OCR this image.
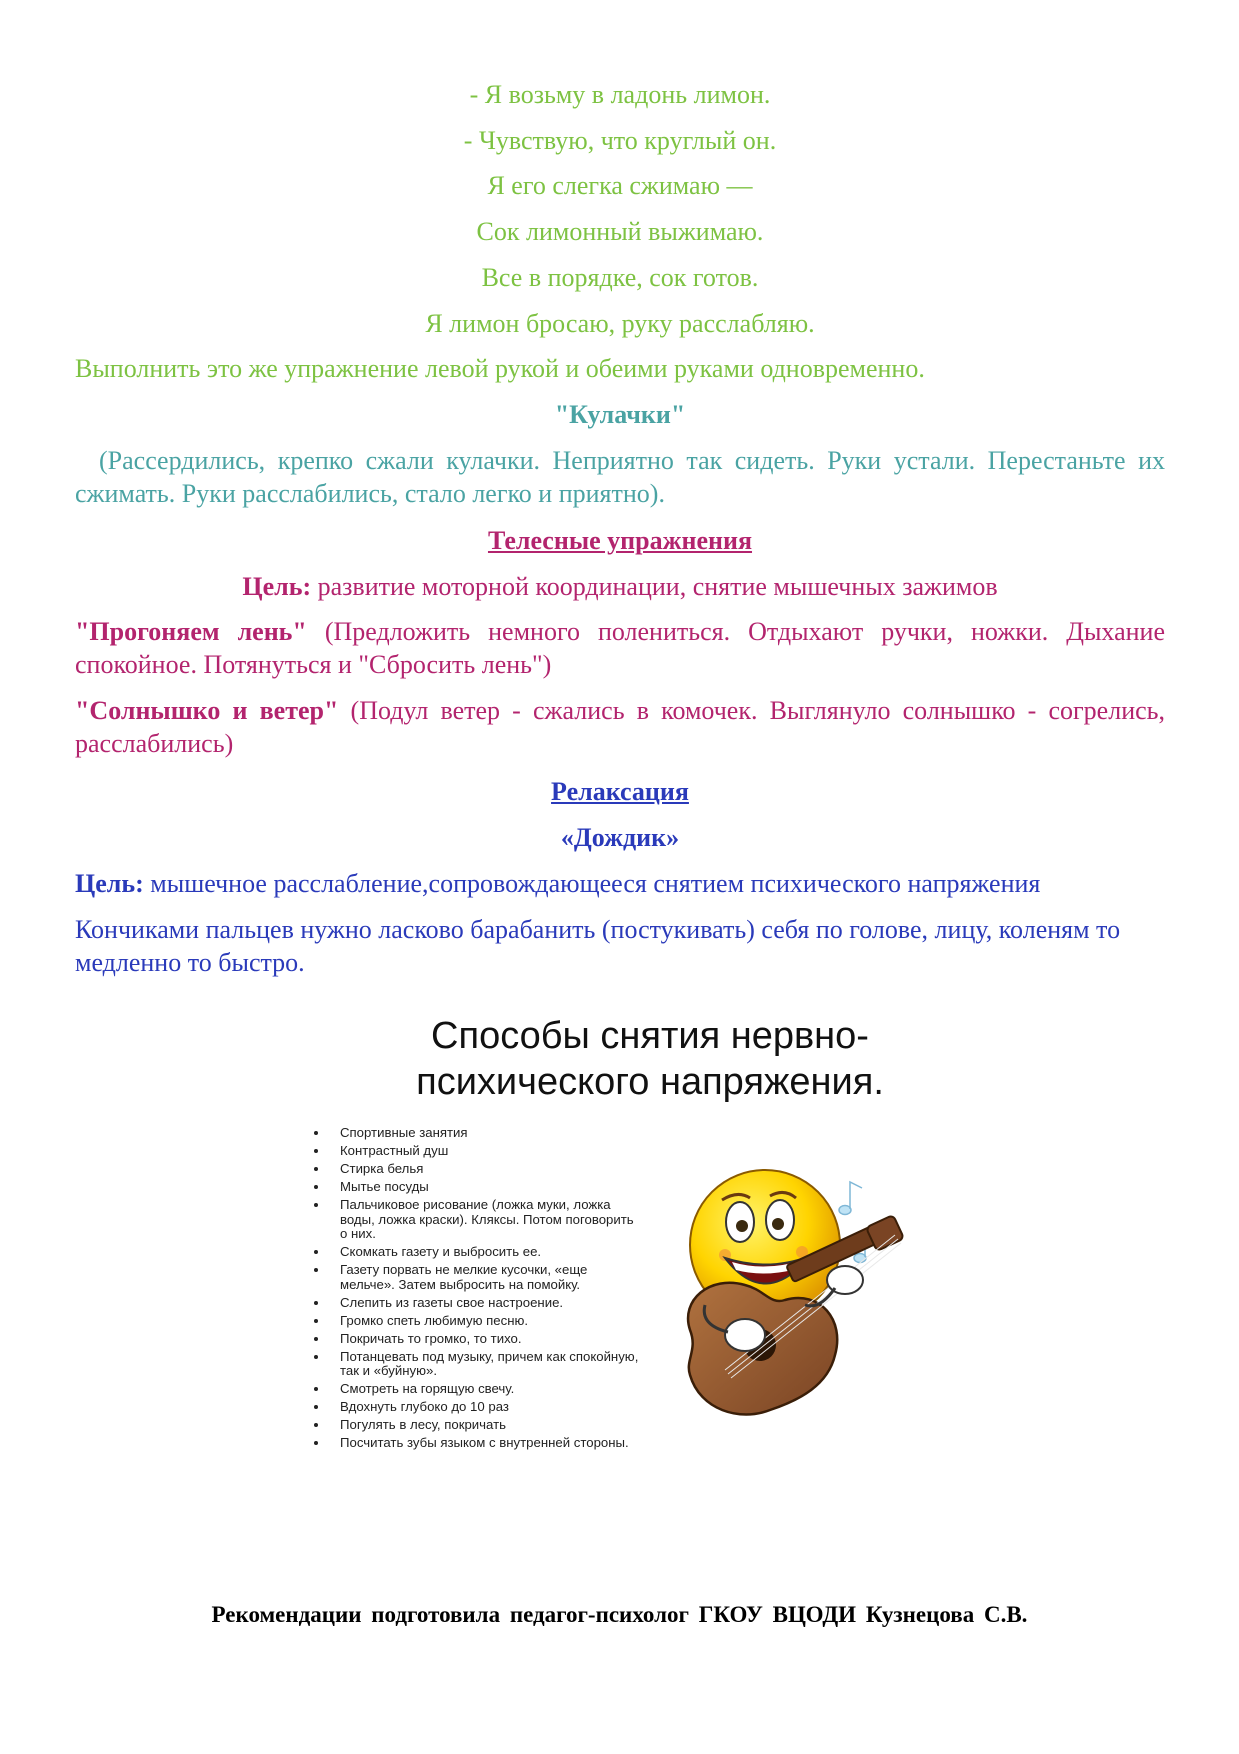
- Я возьму в ладонь лимон.

- Чувствую, что круглый он.

Я его слегка сжимаю —

Сок лимонный выжимаю.

Все в порядке, сок готов.

Я лимон бросаю, руку расслабляю.

Выполнить это же упражнение левой рукой и обеими руками одновременно.

"Кулачки"

(Рассердились, крепко сжали кулачки. Неприятно так сидеть. Руки устали. Перестаньте их сжимать. Руки расслабились, стало легко и приятно).

Телесные упражнения

Цель: развитие моторной координации, снятие мышечных зажимов

"Прогоняем лень" (Предложить немного полениться. Отдыхают ручки, ножки. Дыхание спокойное. Потянуться и "Сбросить лень")

"Солнышко и ветер" (Подул ветер - сжались в комочек. Выглянуло солнышко - согрелись, расслабились)

Релаксация

«Дождик»

Цель: мышечное расслабление,сопровождающееся снятием психического напряжения

Кончиками пальцев нужно ласково барабанить (постукивать) себя по голове, лицу, коленям то медленно то быстро.

Способы снятия нервно-
психического напряжения.
Спортивные занятия
Контрастный душ
Стирка белья
Мытье посуды
Пальчиковое рисование (ложка муки, ложка воды, ложка краски). Кляксы. Потом поговорить о них.
Скомкать газету и выбросить ее.
Газету порвать не мелкие кусочки, «еще мельче». Затем выбросить на помойку.
Слепить из газеты свое настроение.
Громко спеть любимую песню.
Покричать то громко, то тихо.
Потанцевать под музыку, причем как спокойную, так и «буйную».
Смотреть на горящую свечу.
Вдохнуть глубоко до 10 раз
Погулять в лесу, покричать
Посчитать зубы языком с внутренней стороны.
Рекомендации подготовила педагог-психолог ГКОУ ВЦОДИ Кузнецова С.В.
